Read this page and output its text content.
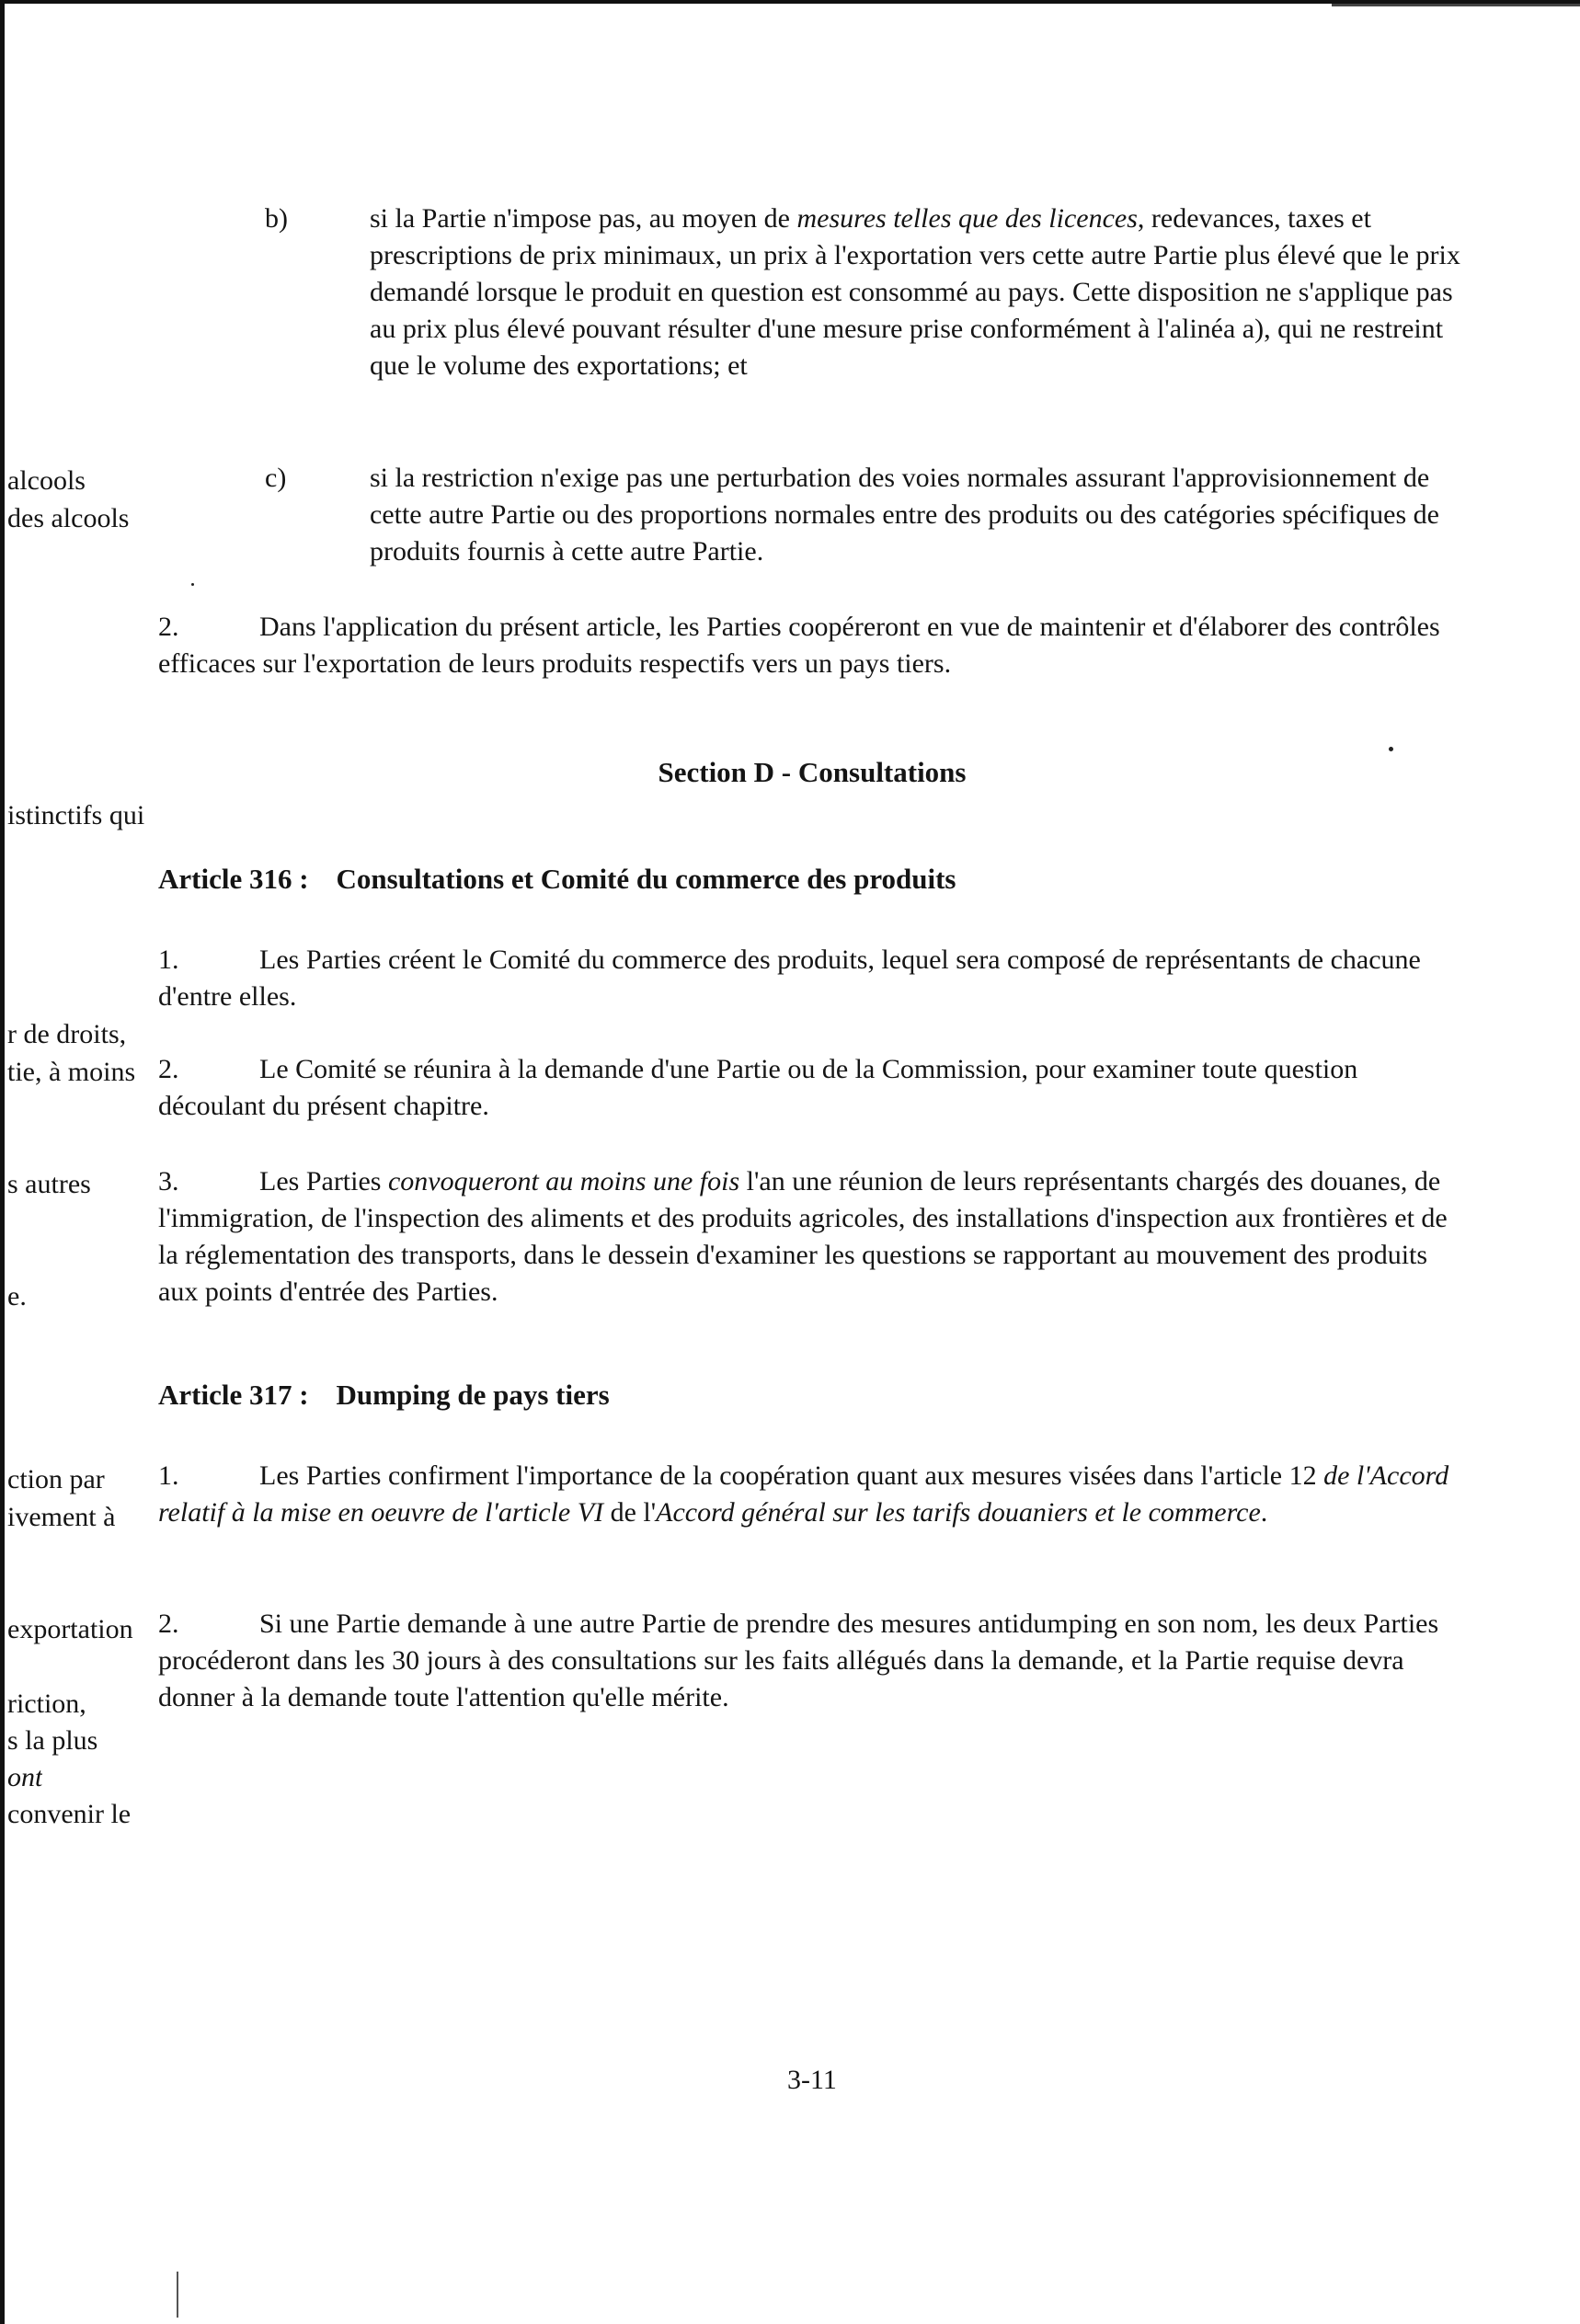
alcools
des alcools
istinctifs qui
r de droits,
tie, à moins
s autres
e.
ction par
ivement à
exportation
riction,
s la plus
ont
convenir le
b)	si la Partie n'impose pas, au moyen de mesures telles que des licences, redevances, taxes et prescriptions de prix minimaux, un prix à l'exportation vers cette autre Partie plus élevé que le prix demandé lorsque le produit en question est consommé au pays. Cette disposition ne s'applique pas au prix plus élevé pouvant résulter d'une mesure prise conformément à l'alinéa a), qui ne restreint que le volume des exportations; et
c)	si la restriction n'exige pas une perturbation des voies normales assurant l'approvisionnement de cette autre Partie ou des proportions normales entre des produits ou des catégories spécifiques de produits fournis à cette autre Partie.

2.	Dans l'application du présent article, les Parties coopéreront en vue de maintenir et d'élaborer des contrôles efficaces sur l'exportation de leurs produits respectifs vers un pays tiers.

Section D - Consultations
Article 316 : Consultations et Comité du commerce des produits

1.	Les Parties créent le Comité du commerce des produits, lequel sera composé de représentants de chacune d'entre elles.

2.	Le Comité se réunira à la demande d'une Partie ou de la Commission, pour examiner toute question découlant du présent chapitre.

3.	Les Parties convoqueront au moins une fois l'an une réunion de leurs représentants chargés des douanes, de l'immigration, de l'inspection des aliments et des produits agricoles, des installations d'inspection aux frontières et de la réglementation des transports, dans le dessein d'examiner les questions se rapportant au mouvement des produits aux points d'entrée des Parties.

Article 317 : Dumping de pays tiers

1.	Les Parties confirment l'importance de la coopération quant aux mesures visées dans l'article 12 de l'Accord relatif à la mise en oeuvre de l'article VI de l'Accord général sur les tarifs douaniers et le commerce.

2.	Si une Partie demande à une autre Partie de prendre des mesures antidumping en son nom, les deux Parties procéderont dans les 30 jours à des consultations sur les faits allégués dans la demande, et la Partie requise devra donner à la demande toute l'attention qu'elle mérite.

3-11
